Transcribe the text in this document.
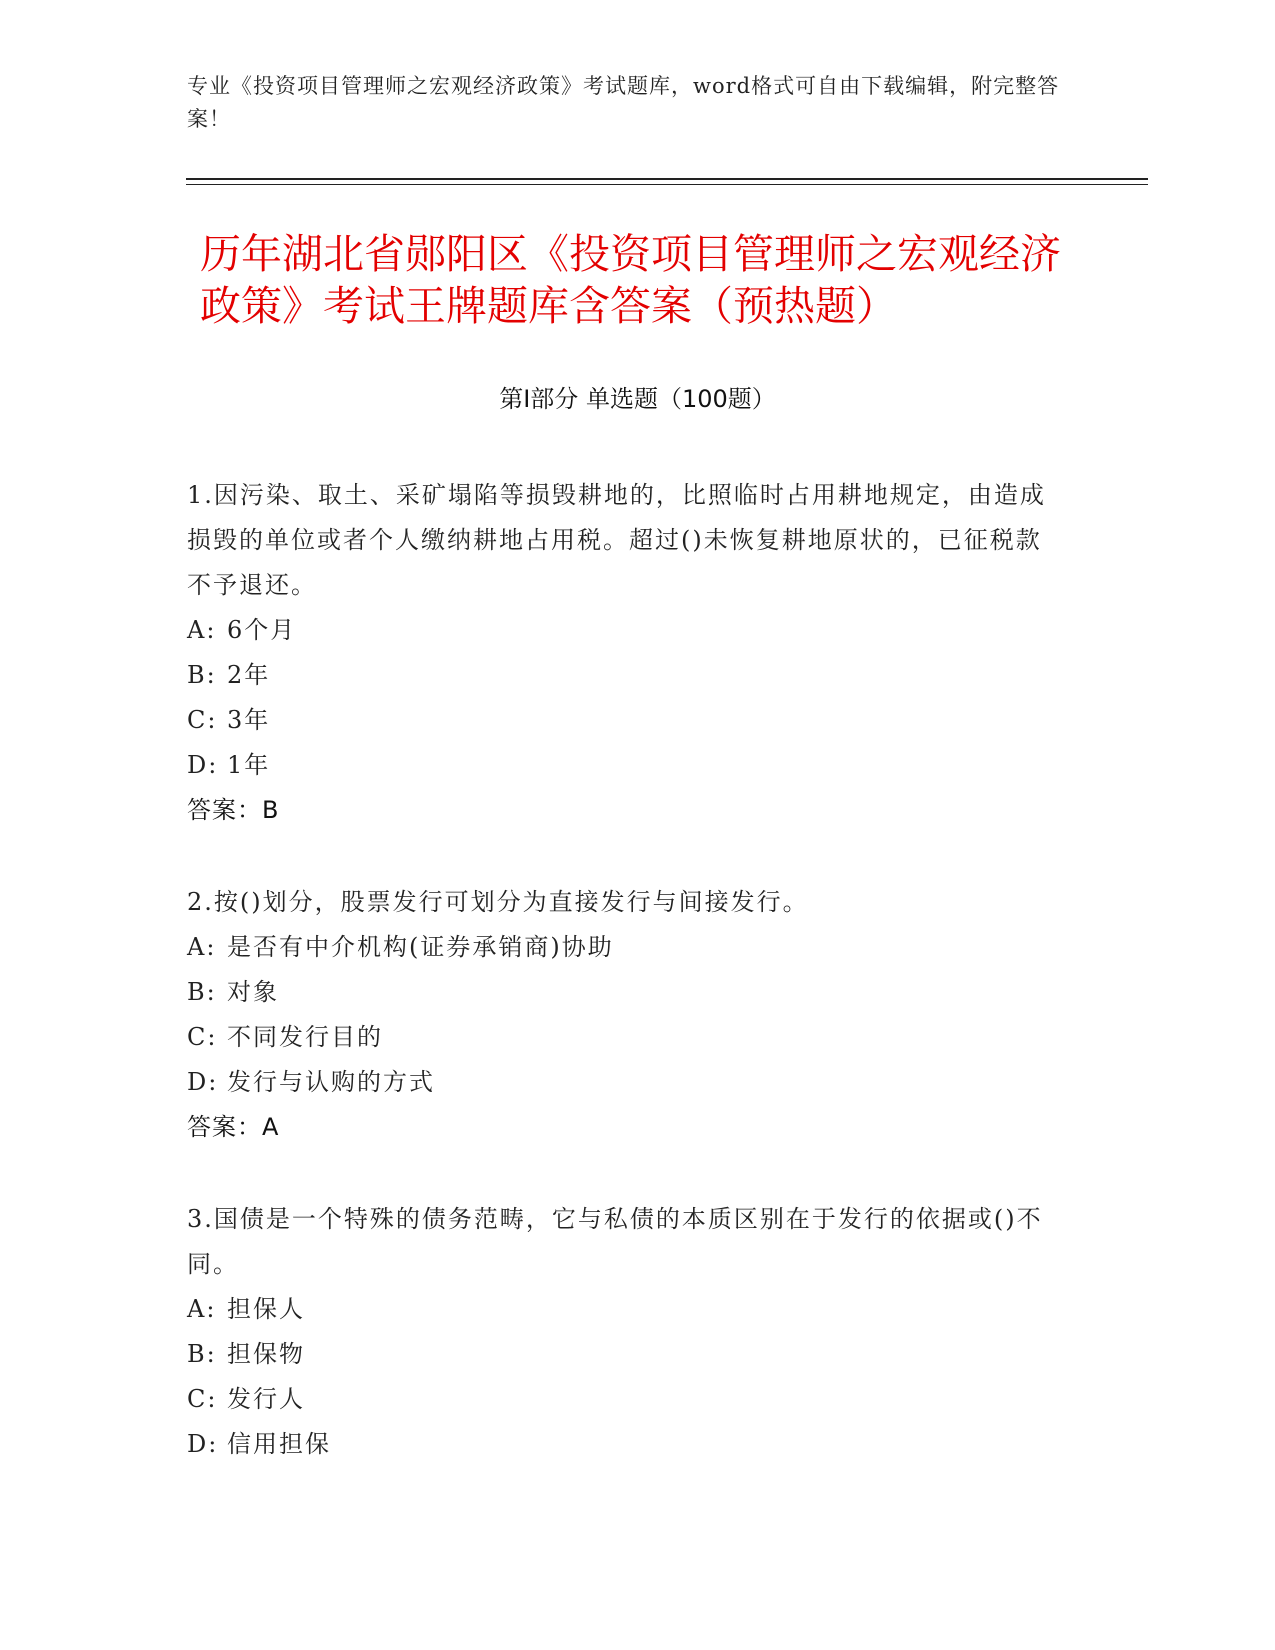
专业《投资项目管理师之宏观经济政策》考试题库，word格式可自由下载编辑，附完整答案！
历年湖北省郧阳区《投资项目管理师之宏观经济政策》考试王牌题库含答案（预热题）
第Ⅰ部分 单选题（100题）
1.因污染、取土、采矿塌陷等损毁耕地的，比照临时占用耕地规定，由造成损毁的单位或者个人缴纳耕地占用税。超过()未恢复耕地原状的，已征税款不予退还。
A: 6个月
B: 2年
C: 3年
D: 1年
答案：B
2.按()划分，股票发行可划分为直接发行与间接发行。
A: 是否有中介机构(证券承销商)协助
B: 对象
C: 不同发行目的
D: 发行与认购的方式
答案：A
3.国债是一个特殊的债务范畴，它与私债的本质区别在于发行的依据或()不同。
A: 担保人
B: 担保物
C: 发行人
D: 信用担保
